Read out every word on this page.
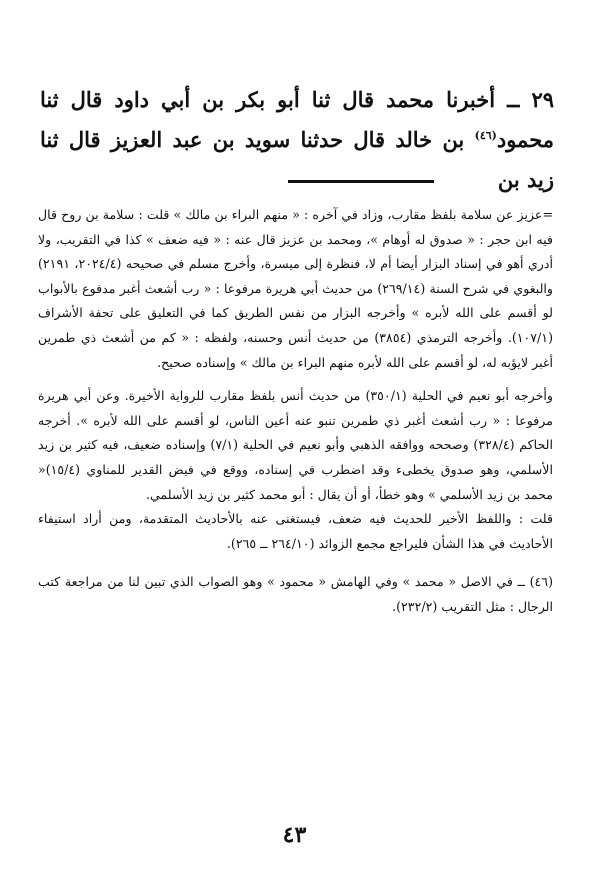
٢٩ ــ أخبرنا محمد قال ثنا أبو بكر بن أبي داود قال ثنا محمود$^{(٤٦)}$ بن خالد قال حدثنا سويد بن عبد العزيز قال ثنا زيد بن

=عزيز عن سلامة بلفظ مقارب، وزاد في آخره : « منهم البراء بن مالك » قلت : سلامة بن روح قال فيه ابن حجر : « صدوق له أوهام »، ومحمد بن عزيز قال عنه : « فيه ضعف » كذا في التقريب، ولا أدري أهو في إسناد البزار أيضا أم لا، فنظرة إلى ميسرة، وأخرج مسلم في صحيحه (٢٠٢٤/٤، ٢١٩١) والبغوي في شرح السنة (٢٦٩/١٤) من حديث أبي هريرة مرفوعا : « رب أشعث أغبر مدفوع بالأبواب لو أقسم على الله لأبره » وأخرجه البزار من نفس الطريق كما في التعليق على تحفة الأشراف (١٠٧/١). وأخرجه الترمذي (٣٨٥٤) من حديث أنس وحسنه، ولفظه : « كم من أشعث ذي طمرين أغبر لايؤبه له، لو أقسم على الله لأبره منهم البراء بن مالك » وإسناده صحيح.

وأخرجه أبو نعيم في الحلية (٣٥٠/١) من حديث أنس بلفظ مقارب للرواية الأخيرة. وعن أبي هريرة مرفوعا : « رب أشعث أغبر ذي طمرين تنبو عنه أعين الناس، لو أقسم على الله لأبره ». أخرجه الحاكم (٣٢٨/٤) وصححه ووافقه الذهبي وأبو نعيم في الحلية (٧/١) وإسناده ضعيف، فيه كثير بن زيد الأسلمي، وهو صدوق يخطىء وقد اضطرب في إسناده، ووقع في فيض القدير للمناوي (١٥/٤)« محمد بن زيد الأسلمي » وهو خطأ، أو أن يقال : أبو محمد كثير بن زيد الأسلمي.

قلت : واللفظ الأخير للحديث فيه ضعف، فيستغنى عنه بالأحاديث المتقدمة، ومن أراد استيفاء الأحاديث في هذا الشأن فليراجع مجمع الزوائد (٢٦٤/١٠ ــ ٢٦٥).

(٤٦) ــ في الاصل « محمد » وفي الهامش « محمود » وهو الصواب الذي تبين لنا من مراجعة كتب الرجال : مثل التقريب (٢٣٢/٢).

٤٣
